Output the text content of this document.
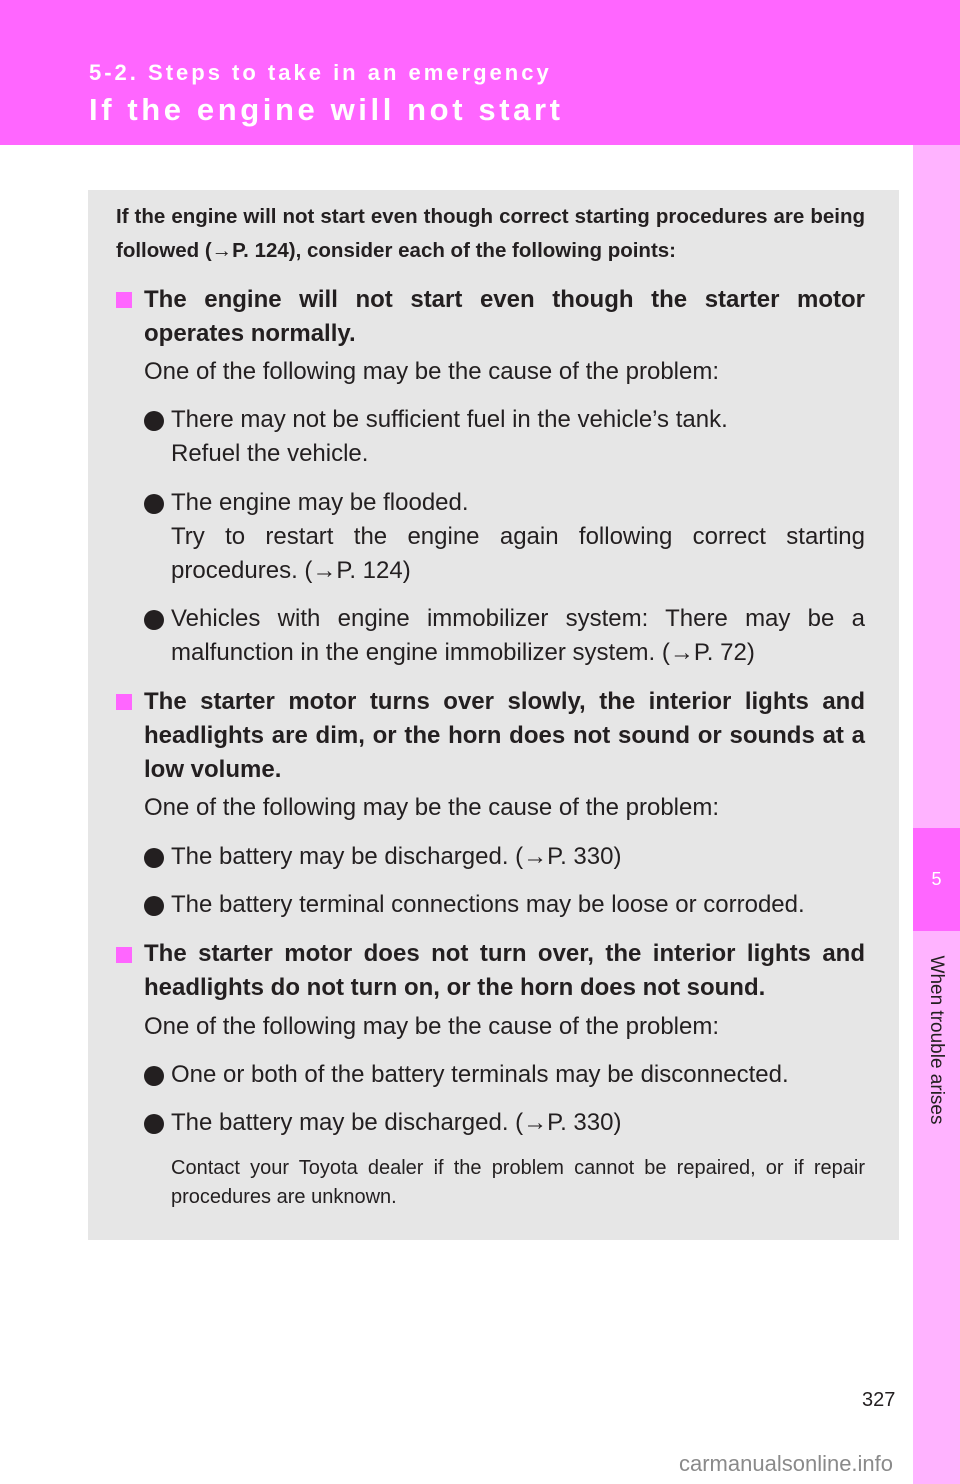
5-2. Steps to take in an emergency
If the engine will not start
5
When trouble arises

If the engine will not start even though correct starting procedures are being followed (→P. 124), consider each of the following points:

The engine will not start even though the starter motor operates normally.

One of the following may be the cause of the problem:

There may not be sufficient fuel in the vehicle’s tank.
Refuel the vehicle.
The engine may be flooded.
Try to restart the engine again following correct starting procedures. (→P. 124)

Vehicles with engine immobilizer system: There may be a malfunction in the engine immobilizer system. (→P. 72)

The starter motor turns over slowly, the interior lights and headlights are dim, or the horn does not sound or sounds at a low volume.

One of the following may be the cause of the problem:

The battery may be discharged. (→P. 330)

The battery terminal connections may be loose or corroded.

The starter motor does not turn over, the interior lights and headlights do not turn on, or the horn does not sound.

One of the following may be the cause of the problem:

One or both of the battery terminals may be disconnected.

The battery may be discharged. (→P. 330)

Contact your Toyota dealer if the problem cannot be repaired, or if repair procedures are unknown.

327
carmanualsonline.info
